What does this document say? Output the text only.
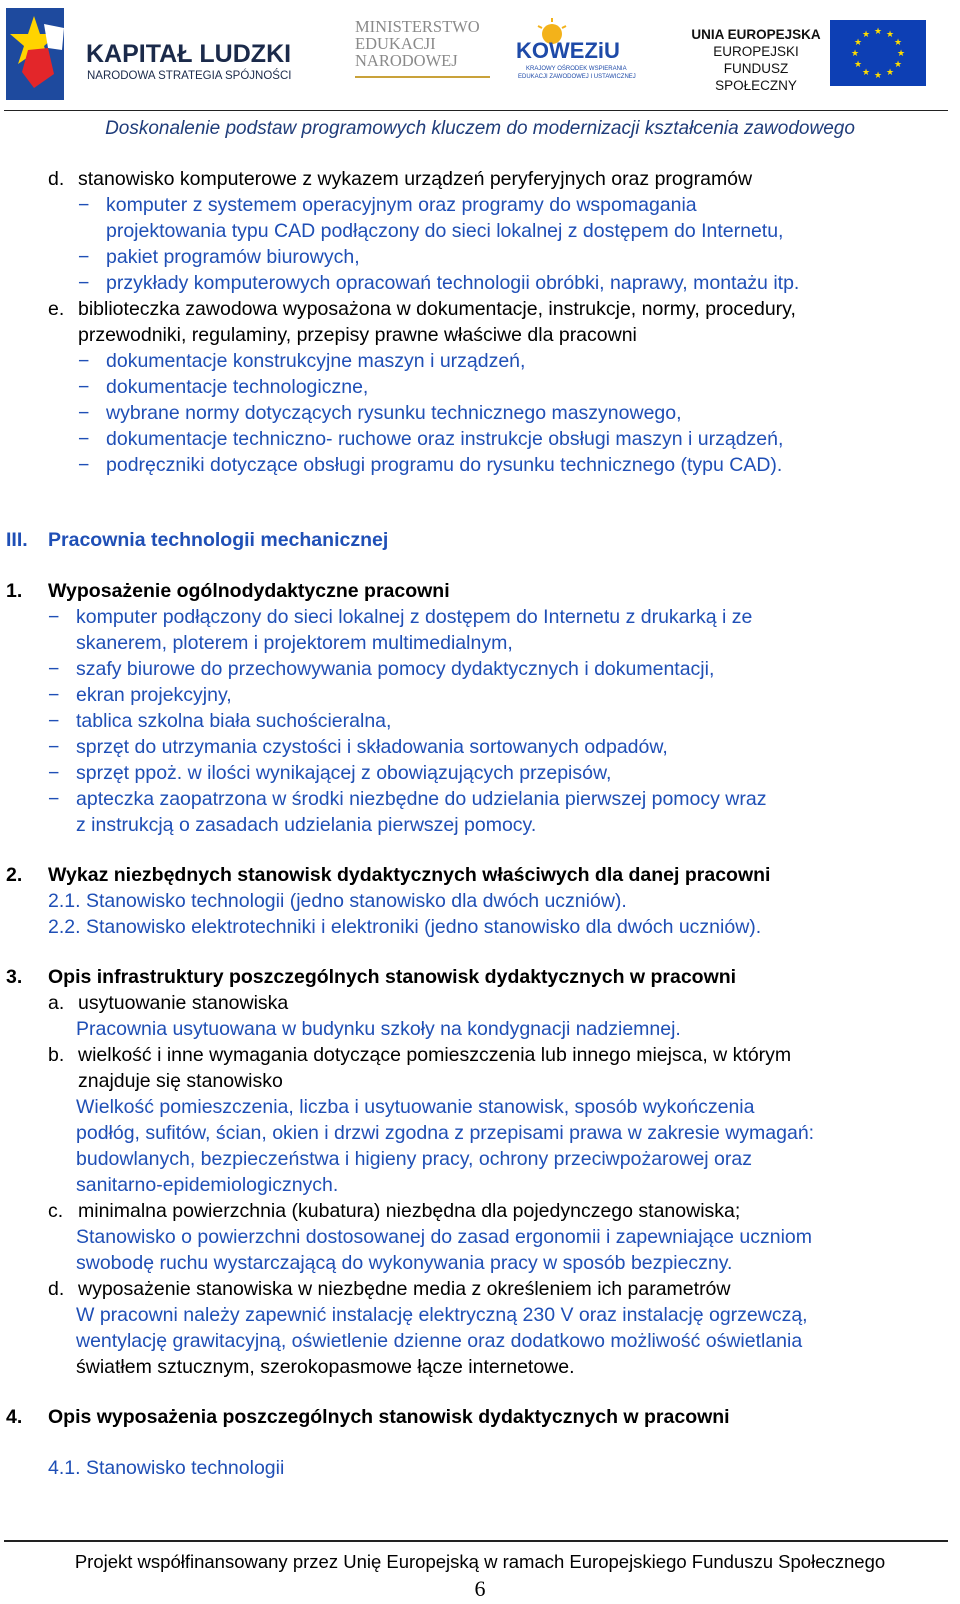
KAPITAŁ LUDZKI
NARODOWA STRATEGIA SPÓJNOŚCI
MINISTERSTWO
EDUKACJI
NARODOWEJ	KOWEZiU
KRAJOWY OŚRODEK WSPIERANIA
EDUKACJI ZAWODOWEJ I USTAWICZNEJ
UNIA EUROPEJSKA
EUROPEJSKI
FUNDUSZ SPOŁECZNY
★ ★
★
★
★
★
★
★
★
★
★
★
Doskonalenie podstaw programowych kluczem do modernizacji kształcenia zawodowego
d. stanowisko komputerowe z wykazem urządzeń peryferyjnych oraz programów
− komputer z systemem operacyjnym oraz programy do wspomagania
projektowania typu CAD podłączony do sieci lokalnej z dostępem do Internetu,
− pakiet programów biurowych,
− przykłady komputerowych opracowań technologii obróbki, naprawy, montażu itp.
e. biblioteczka zawodowa wyposażona w dokumentacje, instrukcje, normy, procedury,
przewodniki, regulaminy, przepisy prawne właściwe dla pracowni
− dokumentacje konstrukcyjne maszyn i urządzeń,
− dokumentacje technologiczne,
− wybrane normy dotyczących rysunku technicznego maszynowego,
− dokumentacje techniczno- ruchowe oraz instrukcje obsługi maszyn i urządzeń,
− podręczniki dotyczące obsługi programu do rysunku technicznego (typu CAD).
III. Pracownia technologii mechanicznej
1. Wyposażenie ogólnodydaktyczne pracowni
− komputer podłączony do sieci lokalnej z dostępem do Internetu z drukarką i ze
skanerem, ploterem i projektorem multimedialnym,
− szafy biurowe do przechowywania pomocy dydaktycznych i dokumentacji,
− ekran projekcyjny,
− tablica szkolna biała suchościeralna,
− sprzęt do utrzymania czystości i składowania sortowanych odpadów,
− sprzęt ppoż. w ilości wynikającej z obowiązujących przepisów,
− apteczka zaopatrzona w środki niezbędne do udzielania pierwszej pomocy wraz
z instrukcją o zasadach udzielania pierwszej pomocy.
2. Wykaz niezbędnych stanowisk dydaktycznych właściwych dla danej pracowni
2.1. Stanowisko technologii (jedno stanowisko dla dwóch uczniów).
2.2. Stanowisko elektrotechniki i elektroniki (jedno stanowisko dla dwóch uczniów).
3. Opis infrastruktury poszczególnych stanowisk dydaktycznych w pracowni
a. usytuowanie stanowiska
Pracownia usytuowana w budynku szkoły na kondygnacji nadziemnej.
b. wielkość i inne wymagania dotyczące pomieszczenia lub innego miejsca, w którym
znajduje się stanowisko
Wielkość pomieszczenia, liczba i usytuowanie stanowisk, sposób wykończenia
podłóg, sufitów, ścian, okien i drzwi zgodna z przepisami prawa w zakresie wymagań:
budowlanych, bezpieczeństwa i higieny pracy, ochrony przeciwpożarowej oraz
sanitarno-epidemiologicznych.
c. minimalna powierzchnia (kubatura) niezbędna dla pojedynczego stanowiska;
Stanowisko o powierzchni dostosowanej do zasad ergonomii i zapewniające uczniom
swobodę ruchu wystarczającą do wykonywania pracy w sposób bezpieczny.
d. wyposażenie stanowiska w niezbędne media z określeniem ich parametrów
W pracowni należy zapewnić instalację elektryczną 230 V oraz instalację ogrzewczą,
wentylację grawitacyjną, oświetlenie dzienne oraz dodatkowo możliwość oświetlania
światłem sztucznym, szerokopasmowe łącze internetowe.
4. Opis wyposażenia poszczególnych stanowisk dydaktycznych w pracowni
4.1. Stanowisko technologii
Projekt współfinansowany przez Unię Europejską w ramach Europejskiego Funduszu Społecznego
6
